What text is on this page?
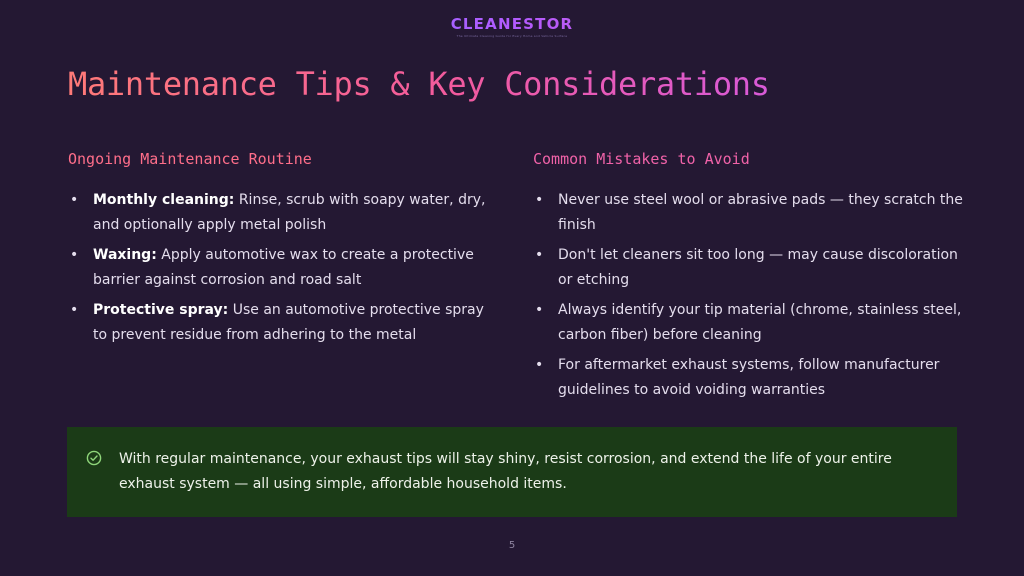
CLEANESTOR
The Ultimate Cleaning Guide for Every Home and Vehicle Surface
Maintenance Tips & Key Considerations
Ongoing Maintenance Routine
• Monthly cleaning: Rinse, scrub with soapy water, dry, and optionally apply metal polish
• Waxing: Apply automotive wax to create a protective barrier against corrosion and road salt
• Protective spray: Use an automotive protective spray to prevent residue from adhering to the metal
Common Mistakes to Avoid
• Never use steel wool or abrasive pads — they scratch the finish
• Don't let cleaners sit too long — may cause discoloration or etching
• Always identify your tip material (chrome, stainless steel, carbon fiber) before cleaning
• For aftermarket exhaust systems, follow manufacturer guidelines to avoid voiding warranties
With regular maintenance, your exhaust tips will stay shiny, resist corrosion, and extend the life of your entire exhaust system — all using simple, affordable household items.
5
